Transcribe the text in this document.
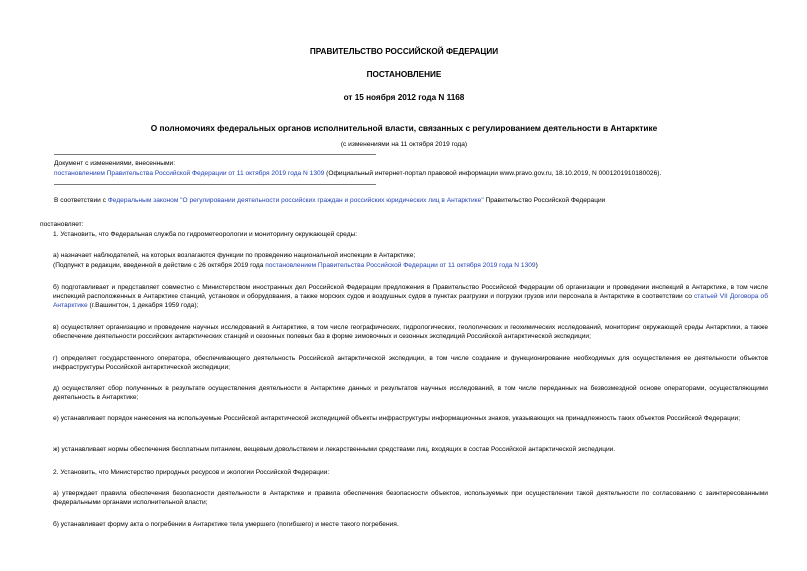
ПРАВИТЕЛЬСТВО РОССИЙСКОЙ ФЕДЕРАЦИИ
ПОСТАНОВЛЕНИЕ
от 15 ноября 2012 года N 1168
О полномочиях федеральных органов исполнительной власти, связанных с регулированием деятельности в Антарктике
(с изменениями на 11 октября 2019 года)
Документ с изменениями, внесенными:
постановлением Правительства Российской Федерации от 11 октября 2019 года N 1309 (Официальный интернет-портал правовой информации www.pravo.gov.ru, 18.10.2019, N 0001201910180026).
В соответствии с Федеральным законом "О регулировании деятельности российских граждан и российских юридических лиц в Антарктике" Правительство Российской Федерации
постановляет:
1. Установить, что Федеральная служба по гидрометеорологии и мониторингу окружающей среды:
а) назначает наблюдателей, на которых возлагаются функции по проведению национальной инспекции в Антарктике;
(Подпункт в редакции, введенной в действие с 26 октября 2019 года постановлением Правительства Российской Федерации от 11 октября 2019 года N 1309)
б) подготавливает и представляет совместно с Министерством иностранных дел Российской Федерации предложения в Правительство Российской Федерации об организации и проведении инспекций в Антарктике, в том числе инспекций расположенных в Антарктике станций, установок и оборудования, а также морских судов и воздушных судов в пунктах разгрузки и погрузки грузов или персонала в Антарктике в соответствии со статьей VII Договора об Антарктике (г.Вашингтон, 1 декабря 1959 года);
в) осуществляет организацию и проведение научных исследований в Антарктике, в том числе географических, гидрологических, геологических и геохимических исследований, мониторинг окружающей среды Антарктики, а также обеспечение деятельности российских антарктических станций и сезонных полевых баз в форме зимовочных и сезонных экспедиций Российской антарктической экспедиции;
г) определяет государственного оператора, обеспечивающего деятельность Российской антарктической экспедиции, в том числе создание и функционирование необходимых для осуществления ее деятельности объектов инфраструктуры Российской антарктической экспедиции;
д) осуществляет сбор полученных в результате осуществления деятельности в Антарктике данных и результатов научных исследований, в том числе переданных на безвозмездной основе операторами, осуществляющими деятельность в Антарктике;
е) устанавливает порядок нанесения на используемые Российской антарктической экспедицией объекты инфраструктуры информационных знаков, указывающих на принадлежность таких объектов Российской Федерации;
ж) устанавливает нормы обеспечения бесплатным питанием, вещевым довольствием и лекарственными средствами лиц, входящих в состав Российской антарктической экспедиции.
2. Установить, что Министерство природных ресурсов и экологии Российской Федерации:
а) утверждает правила обеспечения безопасности деятельности в Антарктике и правила обеспечения безопасности объектов, используемых при осуществлении такой деятельности по согласованию с заинтересованными федеральными органами исполнительной власти;
б) устанавливает форму акта о погребении в Антарктике тела умершего (погибшего) и месте такого погребения.
